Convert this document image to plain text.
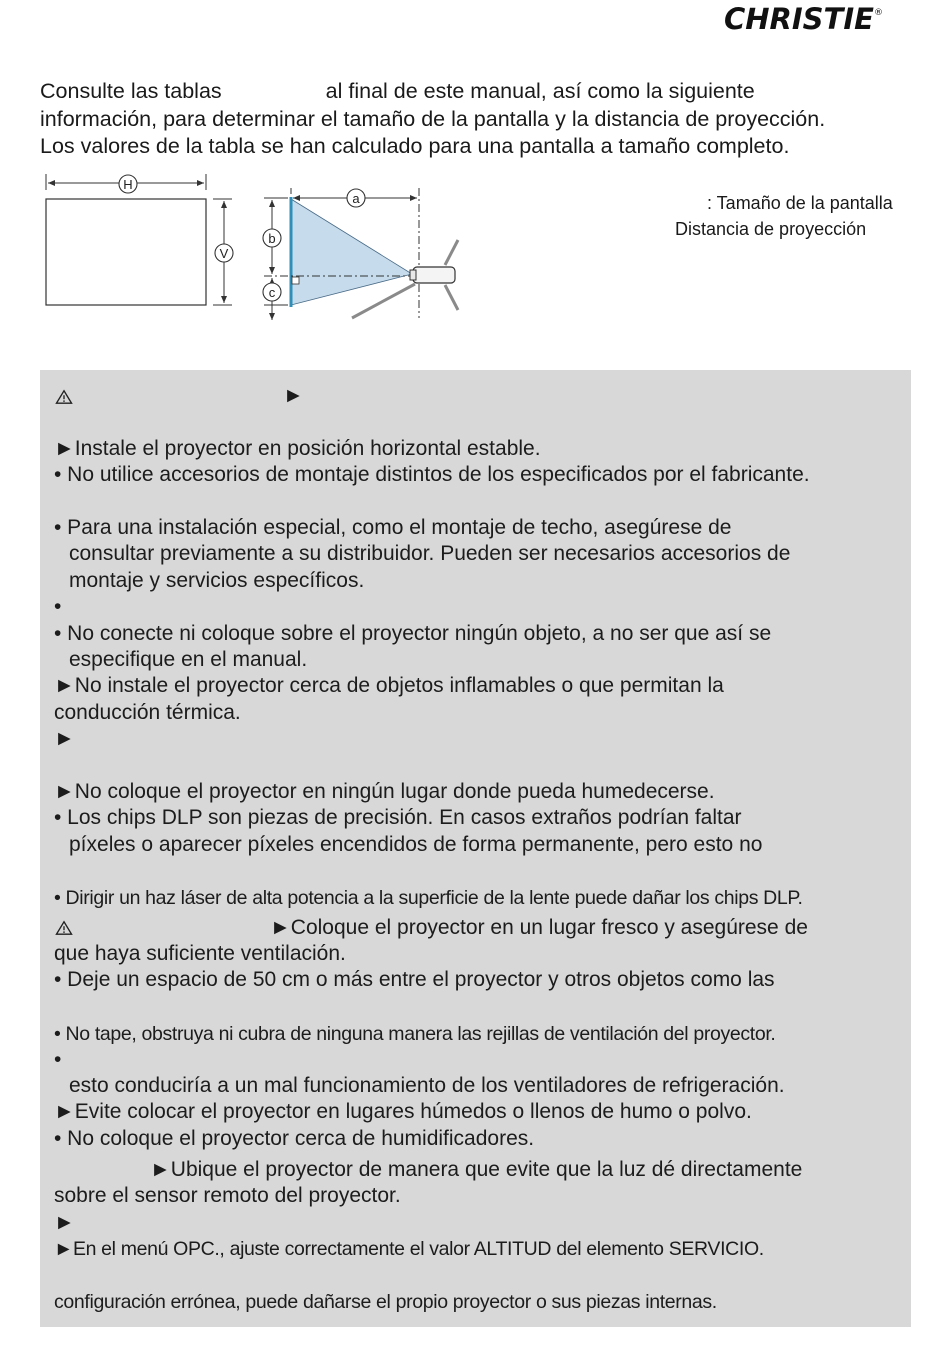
CHRISTIE®

Consulte las tablas	al final de este manual, así como la siguiente

información, para determinar el tamaño de la pantalla y la distancia de proyección.

Los valores de la tabla se han calculado para una pantalla a tamaño completo.

H
V
b
c
a	: Tamaño de la pantalla
Distancia de proyección
►
►Instale el proyector en posición horizontal estable.
• No utilice accesorios de montaje distintos de los especificados por el fabricante.
• Para una instalación especial, como el montaje de techo, asegúrese de
consultar previamente a su distribuidor. Pueden ser necesarios accesorios de
montaje y servicios específicos.
•
• No conecte ni coloque sobre el proyector ningún objeto, a no ser que así se
especifique en el manual.
►No instale el proyector cerca de objetos inflamables o que permitan la
conducción térmica.
►
►No coloque el proyector en ningún lugar donde pueda humedecerse.
• Los chips DLP son piezas de precisión. En casos extraños podrían faltar
píxeles o aparecer píxeles encendidos de forma permanente, pero esto no
• Dirigir un haz láser de alta potencia a la superficie de la lente puede dañar los chips DLP.
►Coloque el proyector en un lugar fresco y asegúrese de
que haya suficiente ventilación.
• Deje un espacio de 50 cm o más entre el proyector y otros objetos como las
• No tape, obstruya ni cubra de ninguna manera las rejillas de ventilación del proyector.
•
esto conduciría a un mal funcionamiento de los ventiladores de refrigeración.
►Evite colocar el proyector en lugares húmedos o llenos de humo o polvo.
• No coloque el proyector cerca de humidificadores.
►Ubique el proyector de manera que evite que la luz dé directamente
sobre el sensor remoto del proyector.
►
►En el menú OPC., ajuste correctamente el valor ALTITUD del elemento SERVICIO.
configuración errónea, puede dañarse el propio proyector o sus piezas internas.
